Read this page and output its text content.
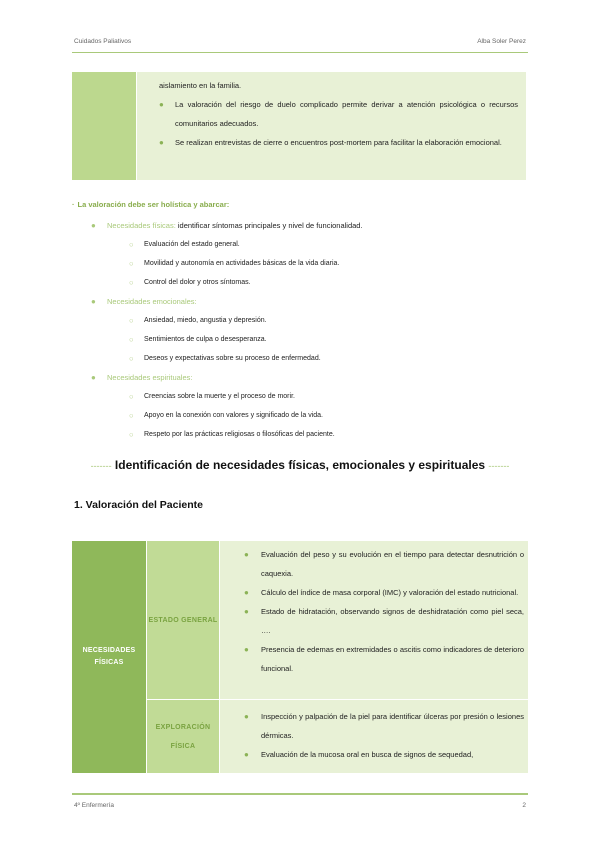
Cuidados Paliativos	Alba Soler Perez

aislamiento en la familia.

● La valoración del riesgo de duelo complicado permite derivar a atención psicológica o recursos comunitarios adecuados.
● Se realizan entrevistas de cierre o encuentros post-mortem para facilitar la elaboración emocional.

· La valoración debe ser holística y abarcar:

● Necesidades físicas: identificar síntomas principales y nivel de funcionalidad.
○ Evaluación del estado general.
○ Movilidad y autonomía en actividades básicas de la vida diaria.
○ Control del dolor y otros síntomas.
● Necesidades emocionales:
○ Ansiedad, miedo, angustia y depresión.
○ Sentimientos de culpa o desesperanza.
○ Deseos y expectativas sobre su proceso de enfermedad.
● Necesidades espirituales:
○ Creencias sobre la muerte y el proceso de morir.
○ Apoyo en la conexión con valores y significado de la vida.
○ Respeto por las prácticas religiosas o filosóficas del paciente.
------- Identificación de necesidades físicas, emocionales y espirituales -------
1. Valoración del Paciente
NECESIDADES FÍSICAS
ESTADO GENERAL
● Evaluación del peso y su evolución en el tiempo para detectar desnutrición o caquexia.
● Cálculo del índice de masa corporal (IMC) y valoración del estado nutricional.
● Estado de hidratación, observando signos de deshidratación como piel seca, ….
● Presencia de edemas en extremidades o ascitis como indicadores de deterioro funcional.
EXPLORACIÓN FÍSICA
● Inspección y palpación de la piel para identificar úlceras por presión o lesiones dérmicas.
● Evaluación de la mucosa oral en busca de signos de sequedad,
4º Enfermería	2
